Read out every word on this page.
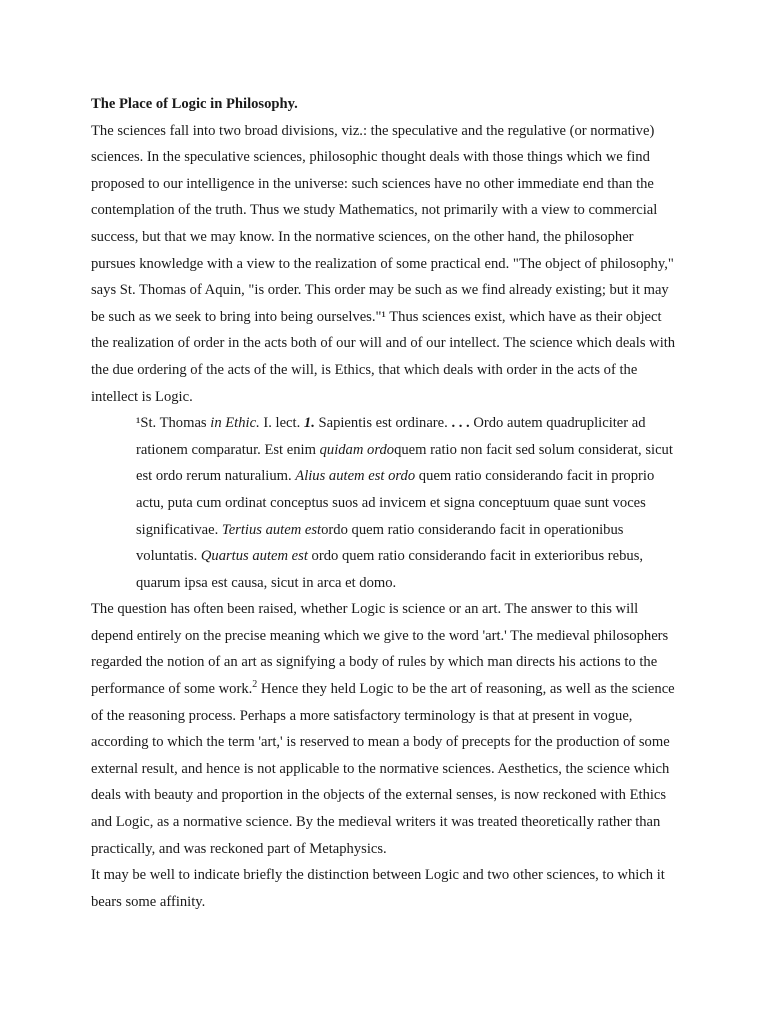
The Place of Logic in Philosophy.

The sciences fall into two broad divisions, viz.: the speculative and the regulative (or normative) sciences. In the speculative sciences, philosophic thought deals with those things which we find proposed to our intelligence in the universe: such sciences have no other immediate end than the contemplation of the truth. Thus we study Mathematics, not primarily with a view to commercial success, but that we may know. In the normative sciences, on the other hand, the philosopher pursues knowledge with a view to the realization of some practical end. "The object of philosophy," says St. Thomas of Aquin, "is order. This order may be such as we find already existing; but it may be such as we seek to bring into being ourselves."¹ Thus sciences exist, which have as their object the realization of order in the acts both of our will and of our intellect. The science which deals with the due ordering of the acts of the will, is Ethics, that which deals with order in the acts of the intellect is Logic.

¹St. Thomas in Ethic. I. lect. 1. Sapientis est ordinare. . . . Ordo autem quadrupliciter ad rationem comparatur. Est enim quidam ordoquem ratio non facit sed solum considerat, sicut est ordo rerum naturalium. Alius autem est ordo quem ratio considerando facit in proprio actu, puta cum ordinat conceptus suos ad invicem et signa conceptuum quae sunt voces significativae. Tertius autem estordo quem ratio considerando facit in operationibus voluntatis. Quartus autem est ordo quem ratio considerando facit in exterioribus rebus, quarum ipsa est causa, sicut in arca et domo.

The question has often been raised, whether Logic is science or an art. The answer to this will depend entirely on the precise meaning which we give to the word 'art.' The medieval philosophers regarded the notion of an art as signifying a body of rules by which man directs his actions to the performance of some work.$^2$ Hence they held Logic to be the art of reasoning, as well as the science of the reasoning process. Perhaps a more satisfactory terminology is that at present in vogue, according to which the term 'art,' is reserved to mean a body of precepts for the production of some external result, and hence is not applicable to the normative sciences. Aesthetics, the science which deals with beauty and proportion in the objects of the external senses, is now reckoned with Ethics and Logic, as a normative science. By the medieval writers it was treated theoretically rather than practically, and was reckoned part of Metaphysics.

It may be well to indicate briefly the distinction between Logic and two other sciences, to which it bears some affinity.
